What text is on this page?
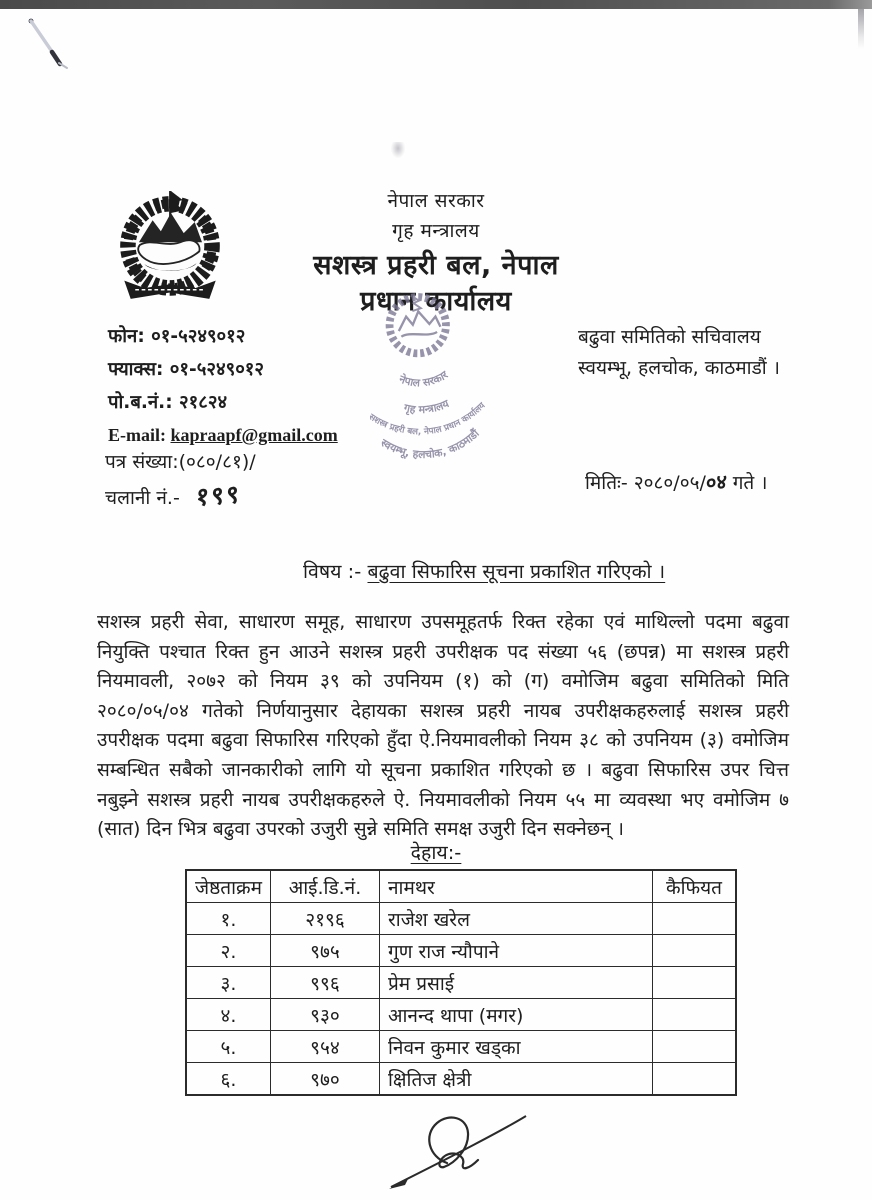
नेपाल सरकार
गृह मन्त्रालय
सशस्त्र प्रहरी बल, नेपाल
प्रधान कार्यालय
नेपाल सरकार
गृह मन्त्रालय
सशस्त्र प्रहरी बल, नेपाल प्रधान कार्यालय
स्वयम्भू, हलचोक, काठमाडौं
फोन: ०१-५२४९०१२
फ्याक्स: ०१-५२४९०१२
पो.ब.नं.: २१८२४
E-mail: kapraapf@gmail.com
बढुवा समितिको सचिवालय
स्वयम्भू, हलचोक, काठमाडौं ।
पत्र संख्या:(०८०/८१)/
चलानी नं.- १९९	मितिः- २०८०/०५/०४ गते ।
विषय :- बढुवा सिफारिस सूचना प्रकाशित गरिएको ।
सशस्त्र प्रहरी सेवा, साधारण समूह, साधारण उपसमूहतर्फ रिक्त रहेका एवं माथिल्लो पदमा बढुवा नियुक्ति पश्चात रिक्त हुन आउने सशस्त्र प्रहरी उपरीक्षक पद संख्या ५६ (छपन्न) मा सशस्त्र प्रहरी नियमावली, २०७२ को नियम ३९ को उपनियम (१) को (ग) वमोजिम बढुवा समितिको मिति २०८०/०५/०४ गतेको निर्णयानुसार देहायका सशस्त्र प्रहरी नायब उपरीक्षकहरुलाई सशस्त्र प्रहरी उपरीक्षक पदमा बढुवा सिफारिस गरिएको हुँदा ऐ.नियमावलीको नियम ३८ को उपनियम (३) वमोजिम सम्बन्धित सबैको जानकारीको लागि यो सूचना प्रकाशित गरिएको छ । बढुवा सिफारिस उपर चित्त नबुझ्ने सशस्त्र प्रहरी नायब उपरीक्षकहरुले ऐ. नियमावलीको नियम ५५ मा व्यवस्था भए वमोजिम ७ (सात) दिन भित्र बढुवा उपरको उजुरी सुन्ने समिति समक्ष उजुरी दिन सक्नेछन् ।
देहाय:-
जेष्ठताक्रम	आई.डि.नं.	नामथर	कैफियत
१.	२१९६	राजेश खरेल	
२.	९७५	गुण राज न्यौपाने	
३.	९९६	प्रेम प्रसाई	
४.	९३०	आनन्द थापा (मगर)	
५.	९५४	निवन कुमार खड्का	
६.	९७०	क्षितिज क्षेत्री	
